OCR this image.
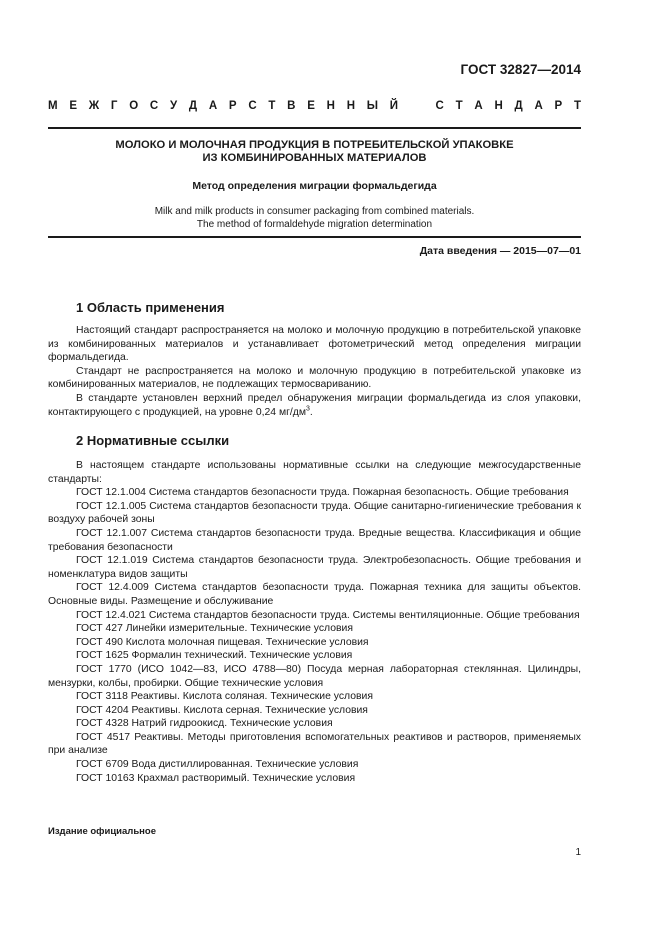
ГОСТ 32827—2014
М Е Ж Г О С У Д А Р С Т В Е Н Н Ы Й	С Т А Н Д А Р Т
МОЛОКО И МОЛОЧНАЯ ПРОДУКЦИЯ В ПОТРЕБИТЕЛЬСКОЙ УПАКОВКЕ
ИЗ КОМБИНИРОВАННЫХ МАТЕРИАЛОВ
Метод определения миграции формальдегида
Milk and milk products in consumer packaging from combined materials.
The method of formaldehyde migration determination
Дата введения — 2015—07—01
1 Область применения

Настоящий стандарт распространяется на молоко и молочную продукцию в потребительской упаковке из комбинированных материалов и устанавливает фотометрический метод определения миграции формальдегида.

Стандарт не распространяется на молоко и молочную продукцию в потребительской упаковке из комбинированных материалов, не подлежащих термосвариванию.

В стандарте установлен верхний предел обнаружения миграции формальдегида из слоя упаковки, контактирующего с продукцией, на уровне 0,24 $мг/дм^3$.

2 Нормативные ссылки

В настоящем стандарте использованы нормативные ссылки на следующие межгосударственные стандарты:

ГОСТ 12.1.004 Система стандартов безопасности труда. Пожарная безопасность. Общие требования

ГОСТ 12.1.005 Система стандартов безопасности труда. Общие санитарно-гигиенические требования к воздуху рабочей зоны

ГОСТ 12.1.007 Система стандартов безопасности труда. Вредные вещества. Классификация и общие требования безопасности

ГОСТ 12.1.019 Система стандартов безопасности труда. Электробезопасность. Общие требования и номенклатура видов защиты

ГОСТ 12.4.009 Система стандартов безопасности труда. Пожарная техника для защиты объектов. Основные виды. Размещение и обслуживание

ГОСТ 12.4.021 Система стандартов безопасности труда. Системы вентиляционные. Общие требования

ГОСТ 427 Линейки измерительные. Технические условия

ГОСТ 490 Кислота молочная пищевая. Технические условия

ГОСТ 1625 Формалин технический. Технические условия

ГОСТ 1770 (ИСО 1042—83, ИСО 4788—80) Посуда мерная лабораторная стеклянная. Цилиндры, мензурки, колбы, пробирки. Общие технические условия

ГОСТ 3118 Реактивы. Кислота соляная. Технические условия

ГОСТ 4204 Реактивы. Кислота серная. Технические условия

ГОСТ 4328 Натрий гидроокисд. Технические условия

ГОСТ 4517 Реактивы. Методы приготовления вспомогательных реактивов и растворов, применяемых при анализе

ГОСТ 6709 Вода дистиллированная. Технические условия

ГОСТ 10163 Крахмал растворимый. Технические условия

Издание официальное
1
